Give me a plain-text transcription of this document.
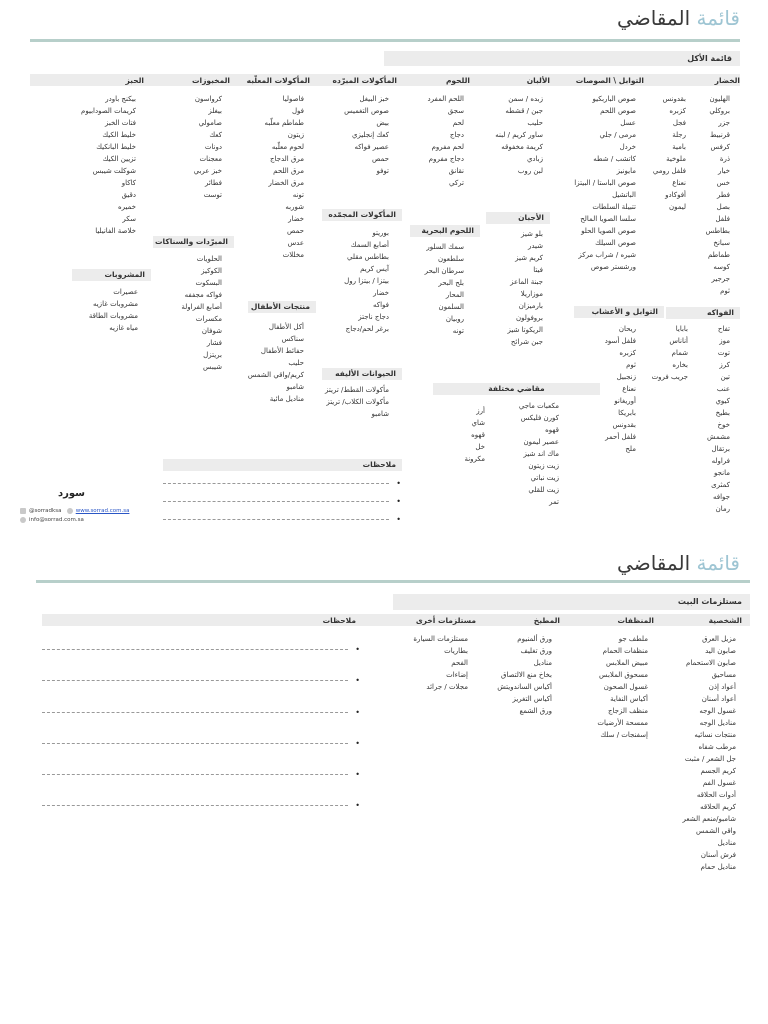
قائمة المقاضي
قائمة الأكل
الخضار
التوابل \ الصوصات
الألبان
اللحوم
المأكولات المبرّده
المأكولات المعلّبه
المخبوزات
الحبز
الهليون
بروكلي
جزر
قرنبيط
كرفس
ذرة
خيار
خس
فطر
بصل
فلفل
بطاطس
سبانخ
طماطم
كوسه
جرجير
ثوم
بقدونس
كزبره
فجل
رجلة
بامية
ملوخية
فلفل رومي
نعناع
أفوكادو
ليمون
الفواكه
تفاح
موز
توت
كرز
تين
عنب
كيوي
بطيخ
خوخ
مشمش
برتقال
فراوله
مانجو
كمثرى
جوافه
رمان
بابايا
أناناس
شمام
بخاره
جريب فروت
صوص الباربكيو
صوص اللحم
عسل
مرمى / جلي
خردل
كاتشب / شطه
مايونيز
صوص الباستا / البيتزا
الباتشيل
تتبيلة السلطات
سلسا الصويا المالح
صوص الصويا الحلو
صوص السيلك
شيره / شراب مركز
ورشستر صوص
التوابل و الأعشاب
ريحان
فلفل أسود
كزبره
ثوم
زنجبيل
نعناع
أوريغانو
بابريكا
بقدونس
فلفل أحمر
ملح
زبده / سمن
جبن / قشطه
حليب
ساور كريم / لبنه
كريمة مخفوقه
زبادي
لبن روب
الأجبان
بلو شيز
شيدر
كريم شيز
فيتا
جبنة الماعز
موزاريلا
بارميزان
بروفولون
الريكوتا شيز
جبن شرائح
مقاضي مختلفة
مكعبات ماجي
كورن فليكس
قهوه
عصير ليمون
ماك اند شيز
زيت زيتون
زيت نباتي
زيت للقلي
تمر
أرز
شاي
قهوه
خل
مكرونة
اللحم المفرد
سجق
لحم
دجاج
لحم مفروم
دجاج مفروم
نقانق
تركي
اللحوم البحرية
سمك السلور
سلطعون
سرطان البحر
بلح البحر
المحار
السلمون
روبيان
تونه
خبز البيغل
صوص التغميس
بيض
كعك إنجليزي
عصير فواكه
حمص
توفو
المأكولات المجمّده
بوريتو
أصابع السمك
بطاطس مقلي
آيس كريم
بيتزا / بيتزا رول
خضار
فواكه
دجاج ناجتز
برغر لحم/دجاج
الحيوانات الأليفه
مأكولات القطط/ تريتز
مأكولات الكلاب/ تريتز
شامبو
فاصوليا
فول
طماطم معلّبه
زيتون
لحوم معلّبه
مرق الدجاج
مرق اللحم
مرق الخضار
تونه
شوربه
خضار
حمص
عدس
مخللات
منتجات الأطفال
أكل الأطفال
سناكس
حفائط الأطفال
حليب
كريم/واقي الشمس
شامبو
مناديل مائية
كرواسون
بيغلز
صامولي
كعك
دونات
معجنات
خبز عربي
فطائر
توست
المبرّدات والسناكات
الحلويات
الكوكيز
البسكوت
فواكه مجففه
أصابع الفراولة
مكسرات
شوفان
فشار
بريتزل
شيبس
بيكنج باودر
كريمات الصودابيوم
فتات الخبز
خليط الكيك
خليط البانكيك
تزيين الكيك
شوكلت شيبس
كاكاو
دقيق
خميره
سكر
خلاصة الفانيليا
المشروبات
عصيرات
مشروبات غازيه
مشروبات الطاقة
مياه غازيه
ملاحظات
•
•
•
سورد
@sorradksa	www.sorrad.com.sa
info@sorrad.com.sa
قائمة المقاضي
مستلزمات البيت
الشخصية
المنظفات
المطبخ
مستلزمات أخرى
ملاحظات
مزيل العرق
صابون اليد
صابون الاستحمام
مساحيق
أعواد إذن
أعواد أسنان
غسول الوجه
مناديل الوجه
منتجات نسائيه
مرطب شفاه
جل الشعر / مثبت
كريم الجسم
غسول الفم
أدوات الحلاقه
كريم الحلاقه
شامبو/منعم الشعر
واقي الشمس
مناديل
فرش أسنان
مناديل حمام
ملطف جو
منظفات الحمام
مبيض الملابس
مسحوق الملابس
غسول الصحون
أكياس النفاية
منظف الزجاج
ممسحة الأرضيات
إسفنجات / سلك
ورق ألمنيوم
ورق تغليف
مناديل
بخاخ منع الالتصاق
أكياس الساندويتش
أكياس التغريز
ورق الشمع
مستلزمات السيارة
بطاريات
الفحم
إضاءات
مجلات / جرائد
•
•
•
•
•
•
